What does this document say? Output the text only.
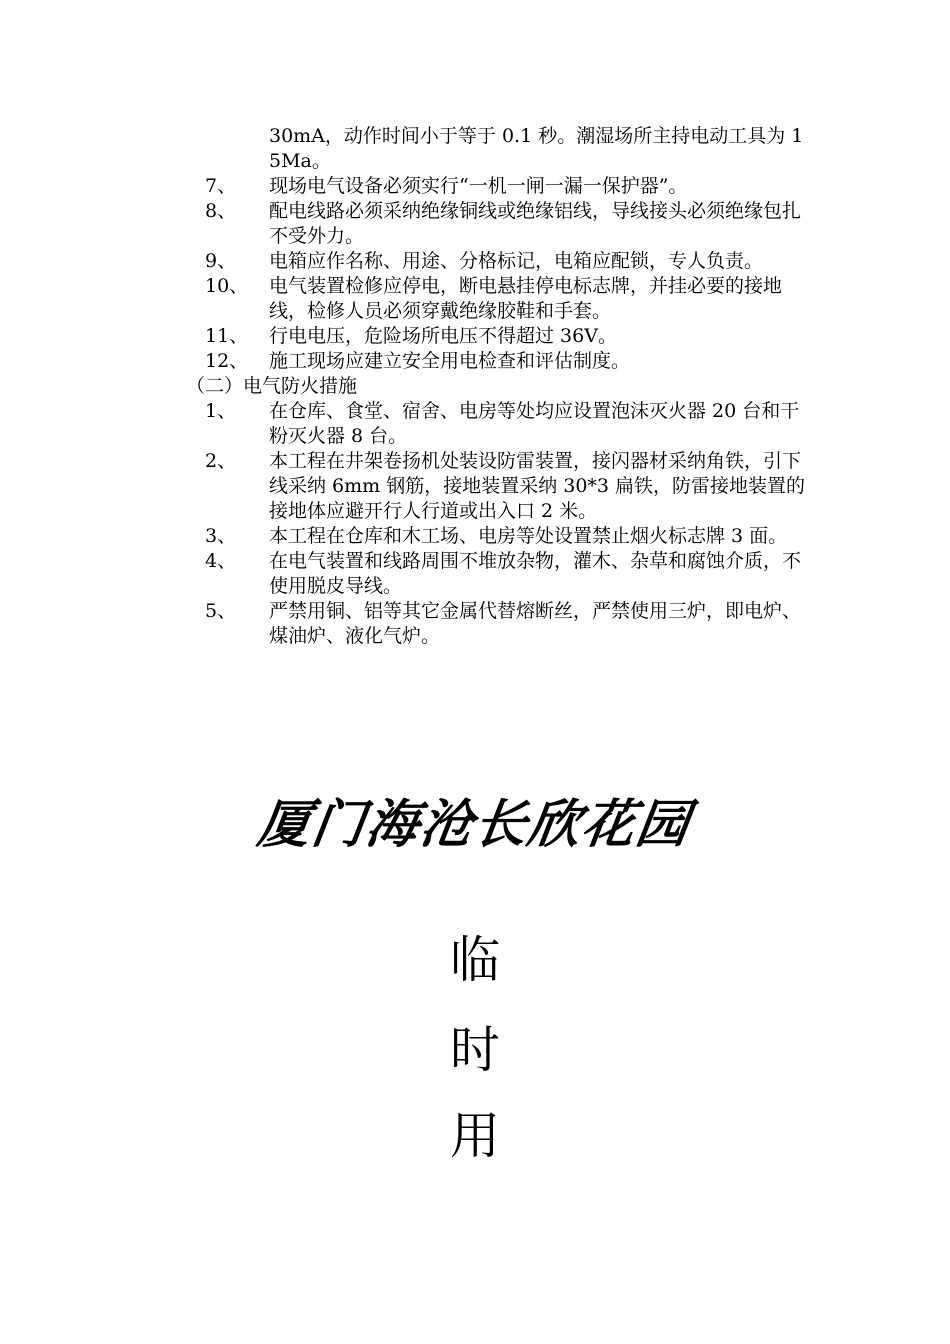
30mA，动作时间小于等于 0.1 秒。潮湿场所主持电动工具为 15Ma。
7、	现场电气设备必须实行“一机一闸一漏一保护器”。
8、	配电线路必须采纳绝缘铜线或绝缘铝线，导线接头必须绝缘包扎不受外力。
9、	电箱应作名称、用途、分格标记，电箱应配锁，专人负责。
10、	电气装置检修应停电，断电悬挂停电标志牌，并挂必要的接地线，检修人员必须穿戴绝缘胶鞋和手套。
11、	行电电压，危险场所电压不得超过 36V。
12、	施工现场应建立安全用电检查和评估制度。
（二）电气防火措施
1、	在仓库、食堂、宿舍、电房等处均应设置泡沫灭火器 20 台和干粉灭火器 8 台。
2、	本工程在井架卷扬机处装设防雷装置，接闪器材采纳角铁，引下线采纳 6mm 钢筋，接地装置采纳 30*3 扁铁，防雷接地装置的接地体应避开行人行道或出入口 2 米。
3、	本工程在仓库和木工场、电房等处设置禁止烟火标志牌 3 面。
4、	在电气装置和线路周围不堆放杂物，灌木、杂草和腐蚀介质，不使用脱皮导线。
5、	严禁用铜、铝等其它金属代替熔断丝，严禁使用三炉，即电炉、煤油炉、液化气炉。
厦门海沧长欣花园
临
时
用
